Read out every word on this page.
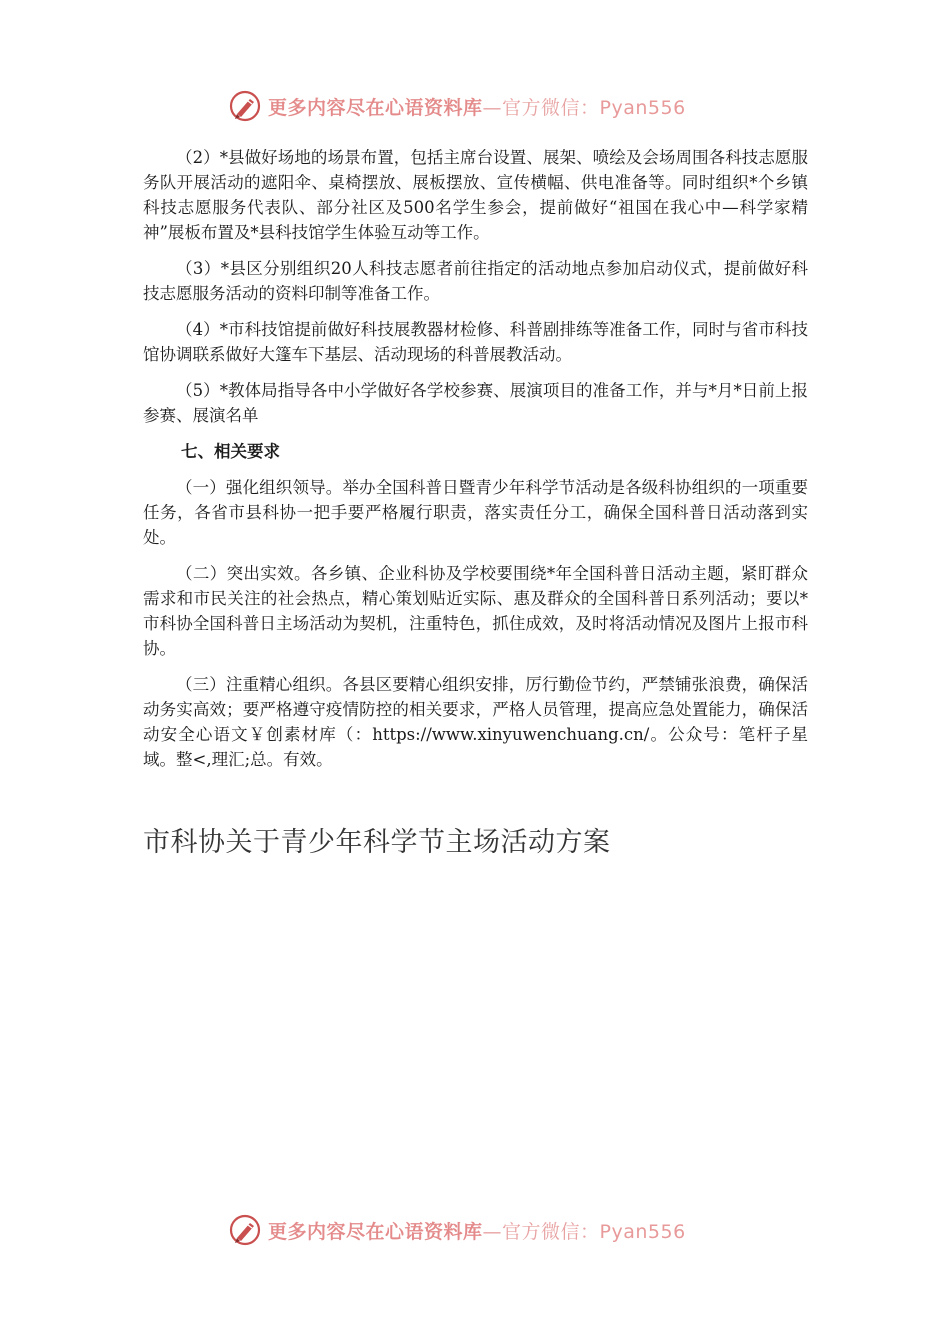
更多内容尽在心语资料库—官方微信：Pyan556

（2）*县做好场地的场景布置，包括主席台设置、展架、喷绘及会场周围各科技志愿服务队开展活动的遮阳伞、桌椅摆放、展板摆放、宣传横幅、供电准备等。同时组织*个乡镇科技志愿服务代表队、部分社区及500名学生参会，提前做好“祖国在我心中—科学家精神”展板布置及*县科技馆学生体验互动等工作。

（3）*县区分别组织20人科技志愿者前往指定的活动地点参加启动仪式，提前做好科技志愿服务活动的资料印制等准备工作。

（4）*市科技馆提前做好科技展教器材检修、科普剧排练等准备工作，同时与省市科技馆协调联系做好大篷车下基层、活动现场的科普展教活动。

（5）*教体局指导各中小学做好各学校参赛、展演项目的准备工作，并与*月*日前上报参赛、展演名单

七、相关要求

（一）强化组织领导。举办全国科普日暨青少年科学节活动是各级科协组织的一项重要任务，各省市县科协一把手要严格履行职责，落实责任分工，确保全国科普日活动落到实处。

（二）突出实效。各乡镇、企业科协及学校要围绕*年全国科普日活动主题，紧盯群众需求和市民关注的社会热点，精心策划贴近实际、惠及群众的全国科普日系列活动；要以*市科协全国科普日主场活动为契机，注重特色，抓住成效，及时将活动情况及图片上报市科协。

（三）注重精心组织。各县区要精心组织安排，厉行勤俭节约，严禁铺张浪费，确保活动务实高效；要严格遵守疫情防控的相关要求，严格人员管理，提高应急处置能力，确保活动安全心语文￥创素材库（：https://www.xinyuwenchuang.cn/。公众号：笔杆子星域。整<,理汇;总。有效。

市科协关于青少年科学节主场活动方案
更多内容尽在心语资料库—官方微信：Pyan556
